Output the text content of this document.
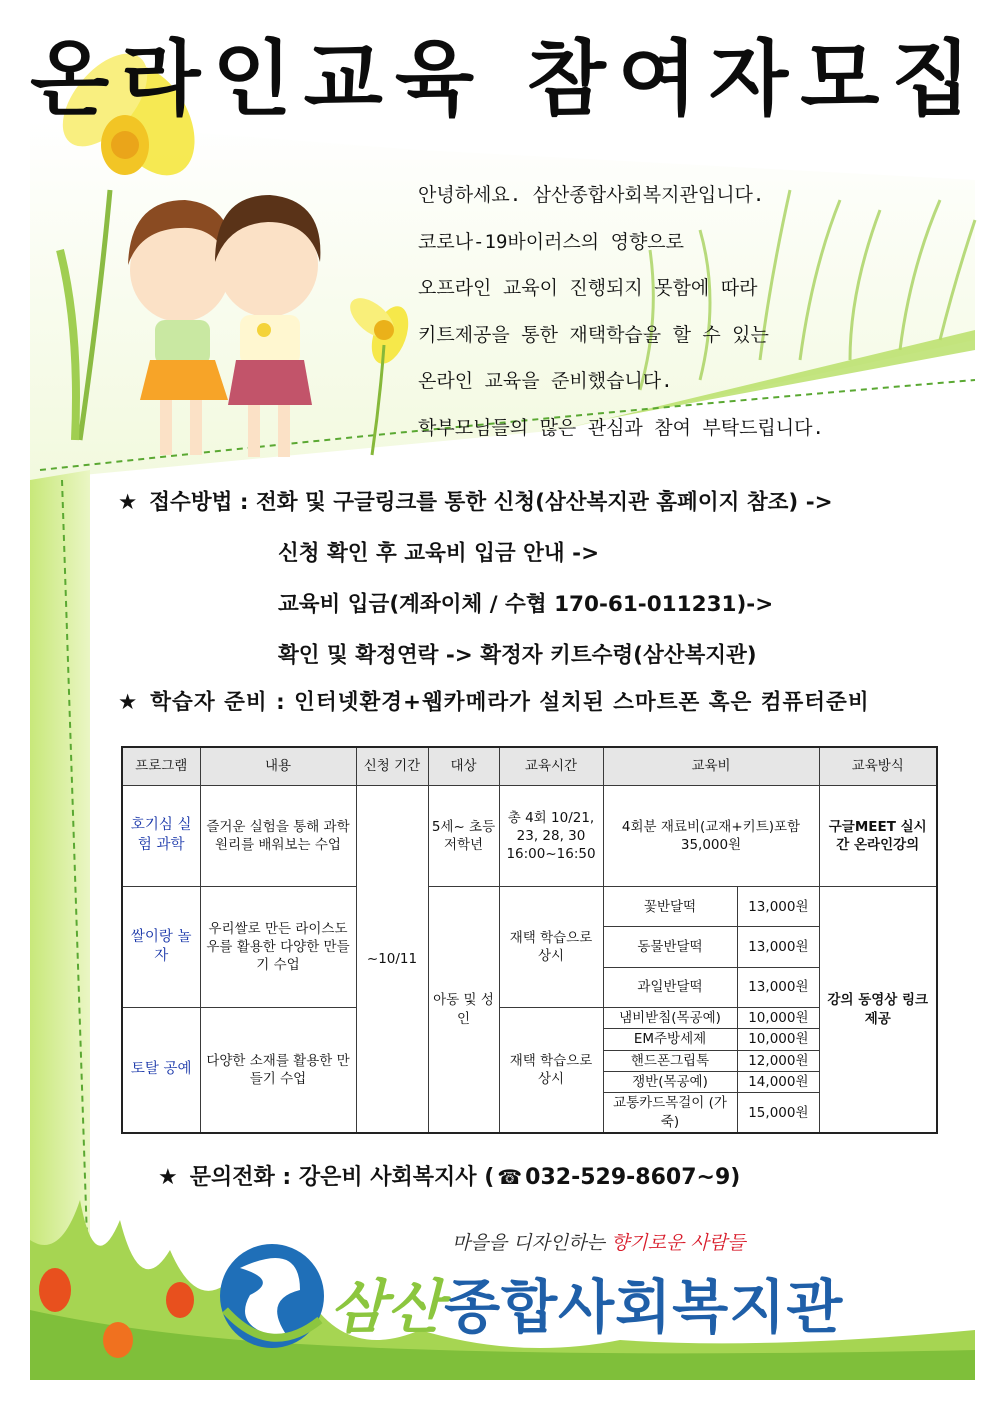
온라인교육 참여자모집
안녕하세요. 삼산종합사회복지관입니다.
코로나-19바이러스의 영향으로
오프라인 교육이 진행되지 못함에 따라
키트제공을 통한 재택학습을 할 수 있는
온라인 교육을 준비했습니다.
학부모님들의 많은 관심과 참여 부탁드립니다.
★ 접수방법 : 전화 및 구글링크를 통한 신청(삼산복지관 홈페이지 참조) ->
신청 확인 후 교육비 입금 안내 ->
교육비 입금(계좌이체 / 수협 170-61-011231)->
확인 및 확정연락 -> 확정자 키트수령(삼산복지관)
★ 학습자 준비 : 인터넷환경+웹카메라가 설치된 스마트폰 혹은 컴퓨터준비
프로그램	내용	신청 기간	대상	교육시간	교육비		교육방식
호기심 실험 과학	즐거운 실험을 통해 과학원리를 배워보는 수업	~10/11	5세~ 초등 저학년	총 4회 10/21, 23, 28, 30 16:00~16:50	4회분 재료비(교재+키트)포함 35,000원		구글MEET 실시간 온라인강의
쌀이랑 놀자	우리쌀로 만든 라이스도우를 활용한 다양한 만들기 수업		아동 및 성인	재택 학습으로 상시	꽃반달떡	13,000원	강의 동영상 링크제공
					동물반달떡	13,000원	
					과일반달떡	13,000원	
토탈 공예	다양한 소재를 활용한 만들기 수업			재택 학습으로 상시	냄비받침(목공예)	10,000원	
					EM주방세제	10,000원	
					핸드폰그립톡	12,000원	
					쟁반(목공예)	14,000원	
					교통카드목걸이 (가죽)	15,000원	
★ 문의전화 : 강은비 사회복지사 ( ☎ 032-529-8607~9)
마을을 디자인하는 향기로운 사람들
삼산종합사회복지관
